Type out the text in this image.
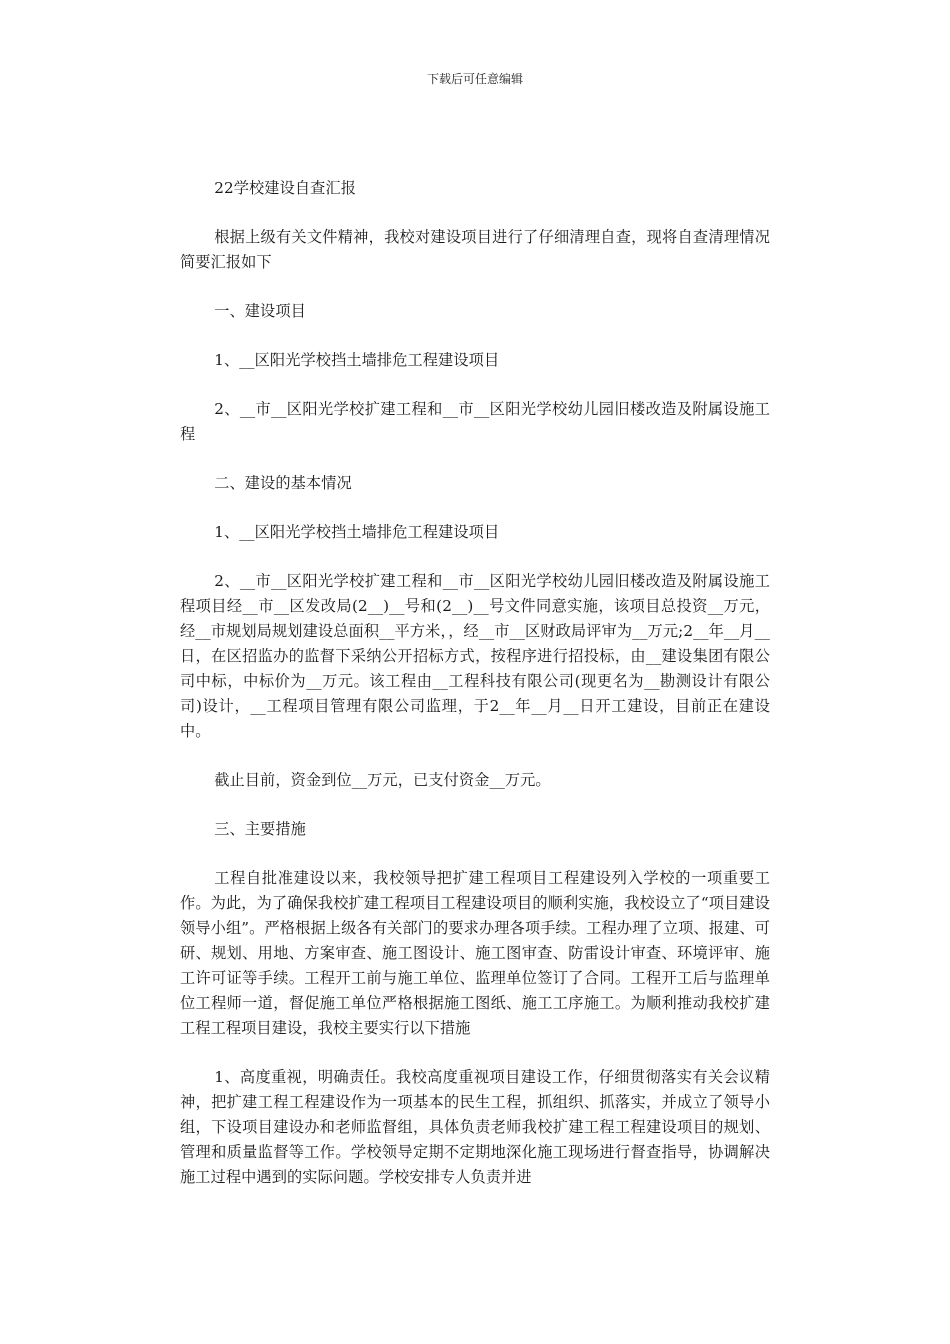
下载后可任意编辑

22学校建设自查汇报

根据上级有关文件精神，我校对建设项目进行了仔细清理自查，现将自查清理情况简要汇报如下

一、建设项目

1、__区阳光学校挡土墙排危工程建设项目

2、__市__区阳光学校扩建工程和__市__区阳光学校幼儿园旧楼改造及附属设施工程

二、建设的基本情况

1、__区阳光学校挡土墙排危工程建设项目

2、__市__区阳光学校扩建工程和__市__区阳光学校幼儿园旧楼改造及附属设施工程项目经__市__区发改局(2__)__号和(2__)__号文件同意实施，该项目总投资__万元，经__市规划局规划建设总面积__平方米，，经__市__区财政局评审为__万元;2__年__月__日，在区招监办的监督下采纳公开招标方式，按程序进行招投标，由__建设集团有限公司中标，中标价为__万元。该工程由__工程科技有限公司(现更名为__勘测设计有限公司)设计，__工程项目管理有限公司监理，于2__年__月__日开工建设，目前正在建设中。

截止目前，资金到位__万元，已支付资金__万元。

三、主要措施

工程自批准建设以来，我校领导把扩建工程项目工程建设列入学校的一项重要工作。为此，为了确保我校扩建工程项目工程建设项目的顺利实施，我校设立了“项目建设领导小组”。严格根据上级各有关部门的要求办理各项手续。工程办理了立项、报建、可研、规划、用地、方案审查、施工图设计、施工图审查、防雷设计审查、环境评审、施工许可证等手续。工程开工前与施工单位、监理单位签订了合同。工程开工后与监理单位工程师一道，督促施工单位严格根据施工图纸、施工工序施工。为顺利推动我校扩建工程工程项目建设，我校主要实行以下措施

1、高度重视，明确责任。我校高度重视项目建设工作，仔细贯彻落实有关会议精神，把扩建工程工程建设作为一项基本的民生工程，抓组织、抓落实，并成立了领导小组，下设项目建设办和老师监督组，具体负责老师我校扩建工程工程建设项目的规划、管理和质量监督等工作。学校领导定期不定期地深化施工现场进行督查指导，协调解决施工过程中遇到的实际问题。学校安排专人负责并进
